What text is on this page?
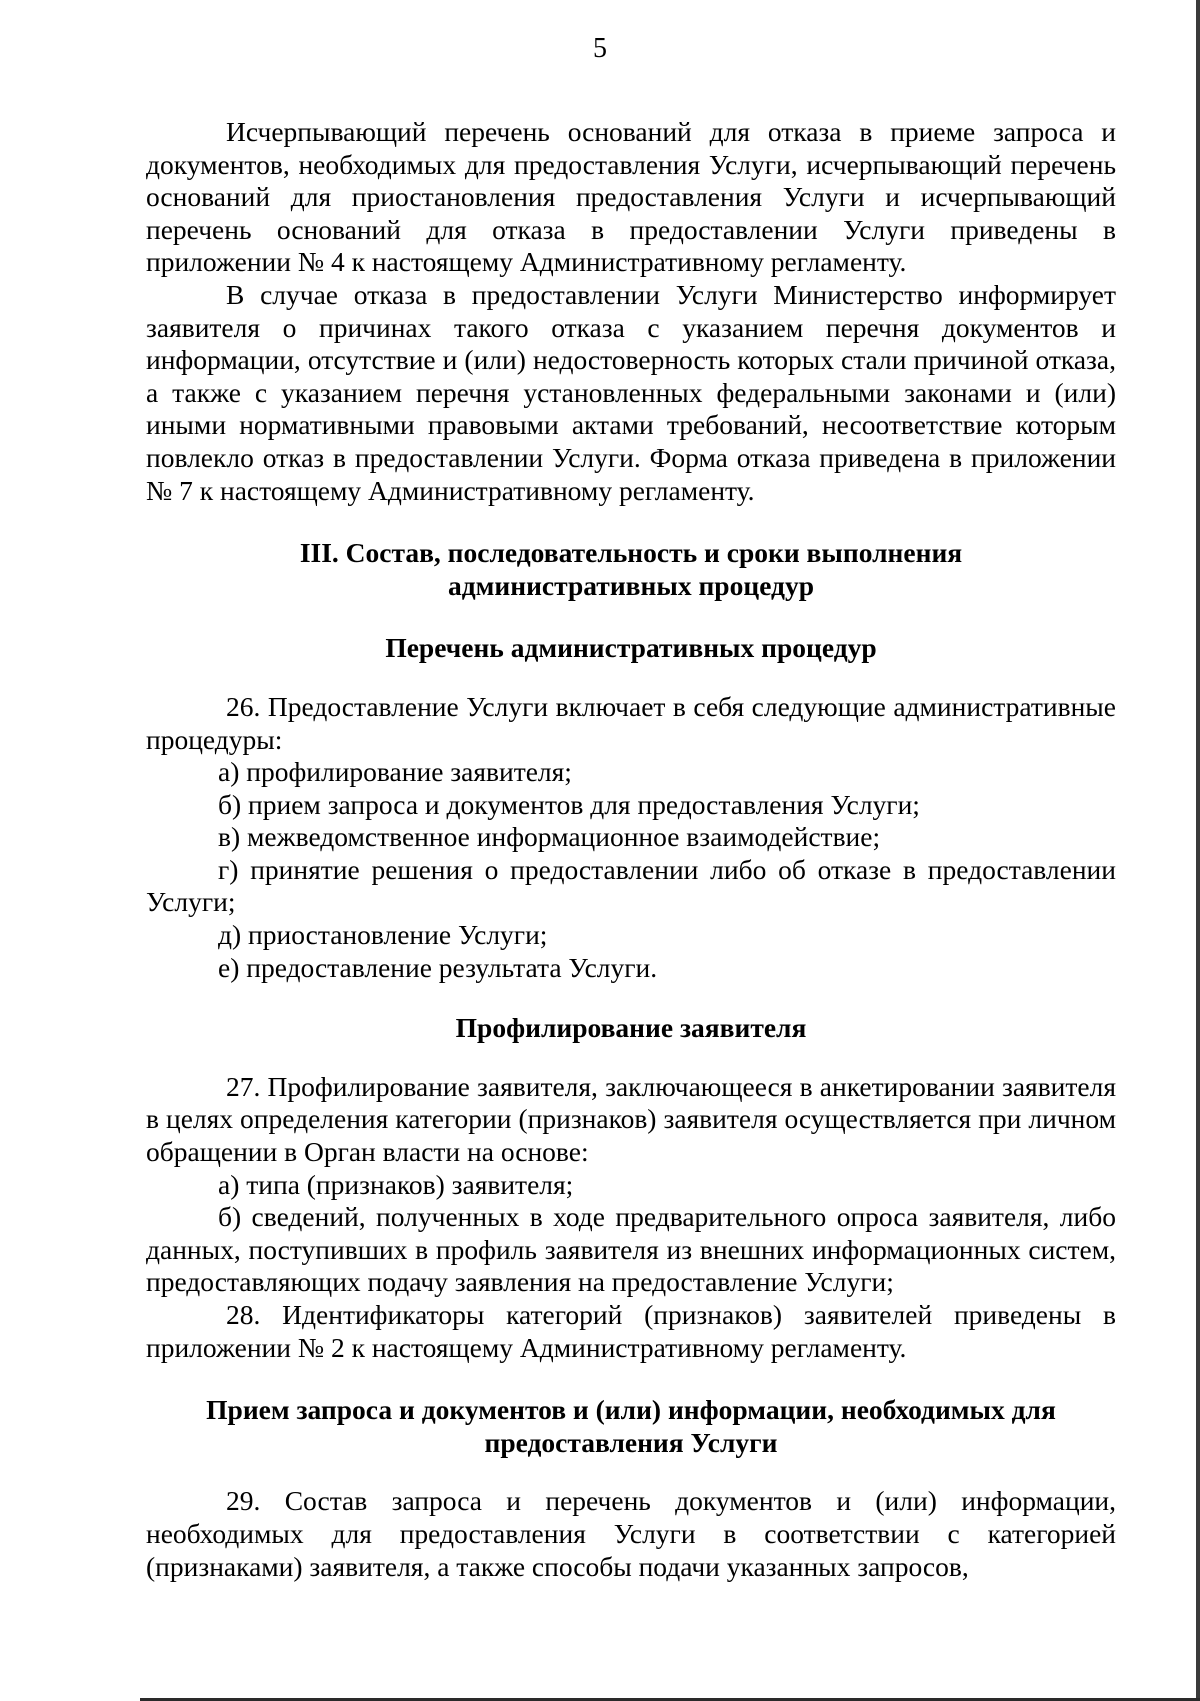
5

Исчерпывающий перечень оснований для отказа в приеме запроса и документов, необходимых для предоставления Услуги, исчерпывающий перечень оснований для приостановления предоставления Услуги и исчерпывающий перечень оснований для отказа в предоставлении Услуги приведены в приложении № 4 к настоящему Административному регламенту.

В случае отказа в предоставлении Услуги Министерство информирует заявителя о причинах такого отказа с указанием перечня документов и информации, отсутствие и (или) недостоверность которых стали причиной отказа, а также с указанием перечня установленных федеральными законами и (или) иными нормативными правовыми актами требований, несоответствие которым повлекло отказ в предоставлении Услуги. Форма отказа приведена в приложении № 7 к настоящему Административному регламенту.

III. Состав, последовательность и сроки выполнения
административных процедур
Перечень административных процедур

26. Предоставление Услуги включает в себя следующие административные процедуры:

а) профилирование заявителя;

б) прием запроса и документов для предоставления Услуги;

в) межведомственное информационное взаимодействие;

г) принятие решения о предоставлении либо об отказе в предоставлении Услуги;

д) приостановление Услуги;

е) предоставление результата Услуги.

Профилирование заявителя

27. Профилирование заявителя, заключающееся в анкетировании заявителя в целях определения категории (признаков) заявителя осуществляется при личном обращении в Орган власти на основе:

а) типа (признаков) заявителя;

б) сведений, полученных в ходе предварительного опроса заявителя, либо данных, поступивших в профиль заявителя из внешних информационных систем, предоставляющих подачу заявления на предоставление Услуги;

28. Идентификаторы категорий (признаков) заявителей приведены в приложении № 2 к настоящему Административному регламенту.

Прием запроса и документов и (или) информации, необходимых для
предоставления Услуги

29. Состав запроса и перечень документов и (или) информации, необходимых для предоставления Услуги в соответствии с категорией (признаками) заявителя, а также способы подачи указанных запросов,
